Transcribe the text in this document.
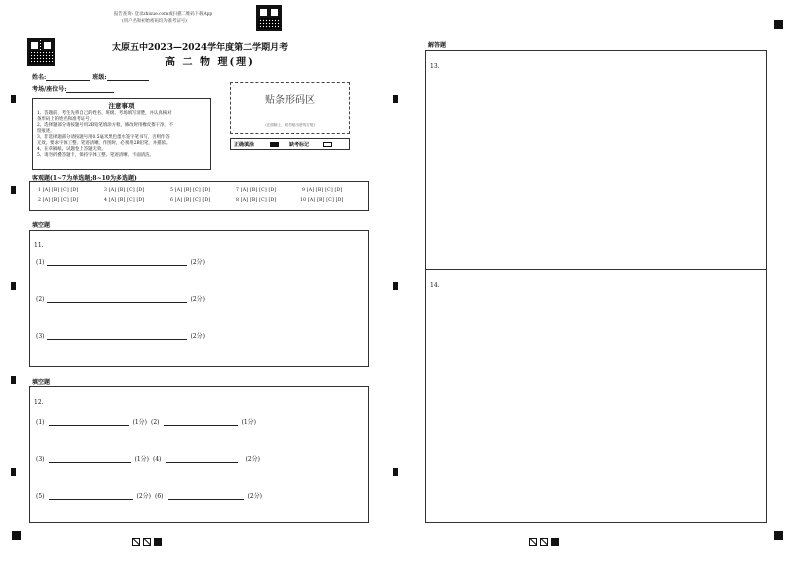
报告查询: 登录zhixue.com或扫描二维码下载App
(用户名和初始密码均为准考证号)
太原五中2023—2024学年度第二学期月考
高 二 物 理(理)
姓名:	班级:
考场/座位号:
注意事项
1、答题前，考生先将自己的姓名、班级、考场填写清楚，并认真核对
条形码上的姓名和准考证号。
2、选择题部分请按题号用2B铅笔填涂方框，修改时用橡皮擦干净，不
留痕迹。
3、非选择题部分请按题号用0.5毫米黑色墨水签字笔书写，否则作答
无效。要求字体工整、笔迹清晰。作图时，必须用2B铅笔，并描浓。
4、在草稿纸、试题卷上答题无效。
5、请勿折叠答题卡，保持字体工整、笔迹清晰、卡面清洁。
贴条形码区
(正面朝上，切勿贴出虚线方框)
正确填涂	缺考标记
客观题(1~7为单选题;8~10为多选题)
1 [A] [B] [C] [D]	3 [A] [B] [C] [D]	5 [A] [B] [C] [D]	7 [A] [B] [C] [D]	9 [A] [B] [C] [D]
2 [A] [B] [C] [D]	4 [A] [B] [C] [D]	6 [A] [B] [C] [D]	8 [A] [B] [C] [D]	10 [A] [B] [C] [D]
填空题
11.
(1)	(2分)
(2)	(2分)
(3)	(2分)
填空题
12.
(1)	(1分) (2)	(1分)
(3)	(1分) (4)	(2分)
(5)	(2分) (6)	(2分)
解答题
13.
14.
